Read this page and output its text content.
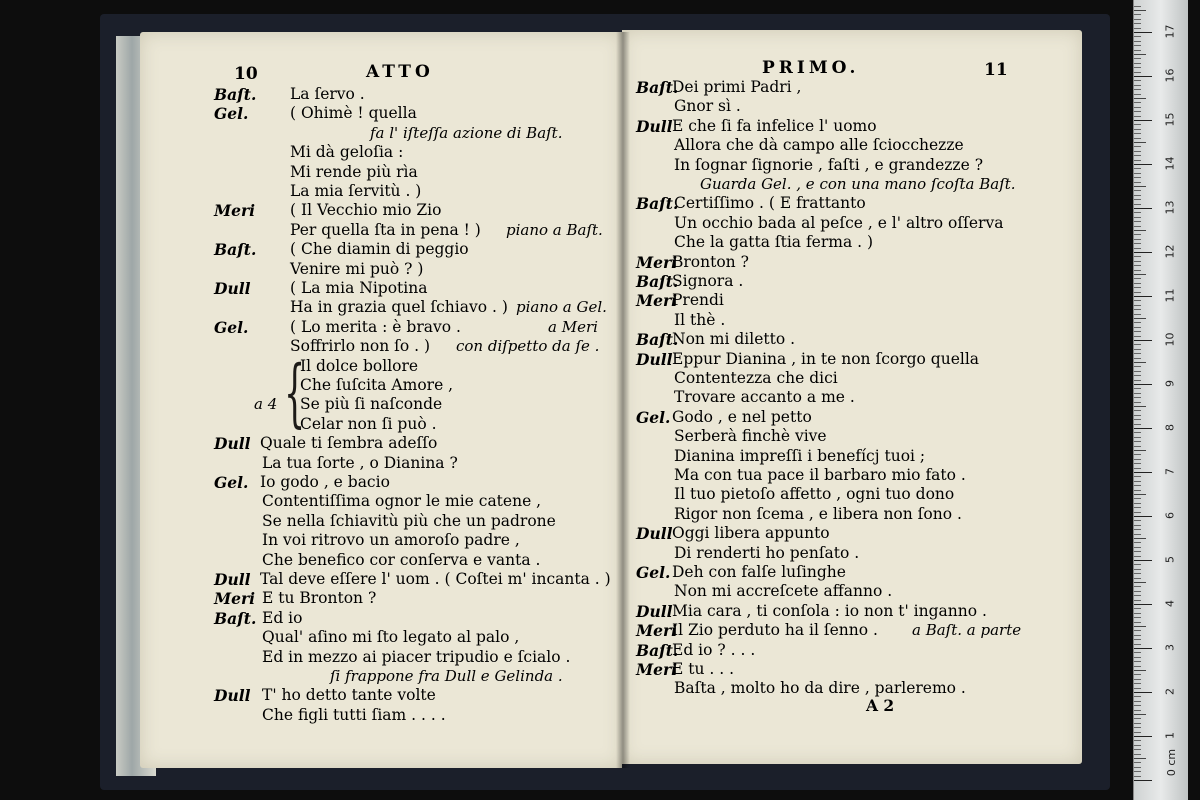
10	ATTO
Baſt. La ſervo .
Gel.	( Ohimè ! quella
fa l' iſteſſa azione di Baſt.
Mi dà geloſia :
Mi rende più rìa
La mia ſervitù . )
Meri ( Il Vecchio mio Zio
Per quella ſta in pena ! ) piano a Baſt.
Baſt. ( Che diamin di peggio
Venire mi può ? )
Dull	( La mia Nipotina
Ha in grazia quel ſchiavo . ) piano a Gel.
Gel.	( Lo merita : è bravo .	a Meri
Soffrirlo non ſo . ) con diſpetto da ſe .
Il dolce bollore
Che ſuſcita Amore ,
Se più ſi naſconde
a 4
Celar non ſi può .
Dull Quale ti ſembra adeſſo
La tua ſorte , o Dianina ?
Gel. Io godo , e bacio
Contentiſſima ognor le mie catene ,
Se nella ſchiavitù più che un padrone
In voi ritrovo un amoroſo padre ,
Che benefico cor conſerva e vanta .
Dull Tal deve eſſere l' uom . ( Coſtei m' incanta . )
Meri E tu Bronton ?
Baſt. Ed io
Qual' aſino mi ſto legato al palo ,
Ed in mezzo ai piacer tripudio e ſcialo .
ſi frappone fra Dull e Gelinda .
Dull T' ho detto tante volte
Che figli tutti ſiam . . . .
{
PRIMO.	11
Baſt.
Dei primi Padri ,
Gnor sì .
Dull E che ſi fa infelice l' uomo
Allora che dà campo alle ſciocchezze
In ſognar ſignorie , faſti , e grandezze ?
Guarda Gel. , e con una mano ſcoſta Baſt.
Baſt.
Certiſſimo . ( E frattanto
Un occhio bada al peſce , e l' altro oſſerva
Che la gatta ſtia ferma . )
Meri
Bronton ?
Baſt.
Signora .
Meri
Prendi
Il thè .
Baſt.
Non mi diletto .
Dull Eppur Dianina , in te non ſcorgo quella
Contentezza che dici
Trovare accanto a me .
Gel. Godo , e nel petto
Serberà finchè vive
Dianina impreſſi i benefícj tuoi ;
Ma con tua pace il barbaro mio fato .
Il tuo pietoſo affetto , ogni tuo dono
Rigor non ſcema , e libera non ſono .
Dull Oggi libera appunto
Di renderti ho penſato .
Gel. Deh con falſe luſinghe
Non mi accreſcete affanno .
Dull Mia cara , ti conſola : io non t' inganno .
Meri
Il Zio perduto ha il ſenno . a Baſt. a parte
Baſt.
Ed io ? . . .
Meri
E tu . . .
Baſta , molto ho da dire , parleremo .
A 2
0 cm
17
16
15
14
13
12
11
10
9
8
7
6
5
4
3
2
1
